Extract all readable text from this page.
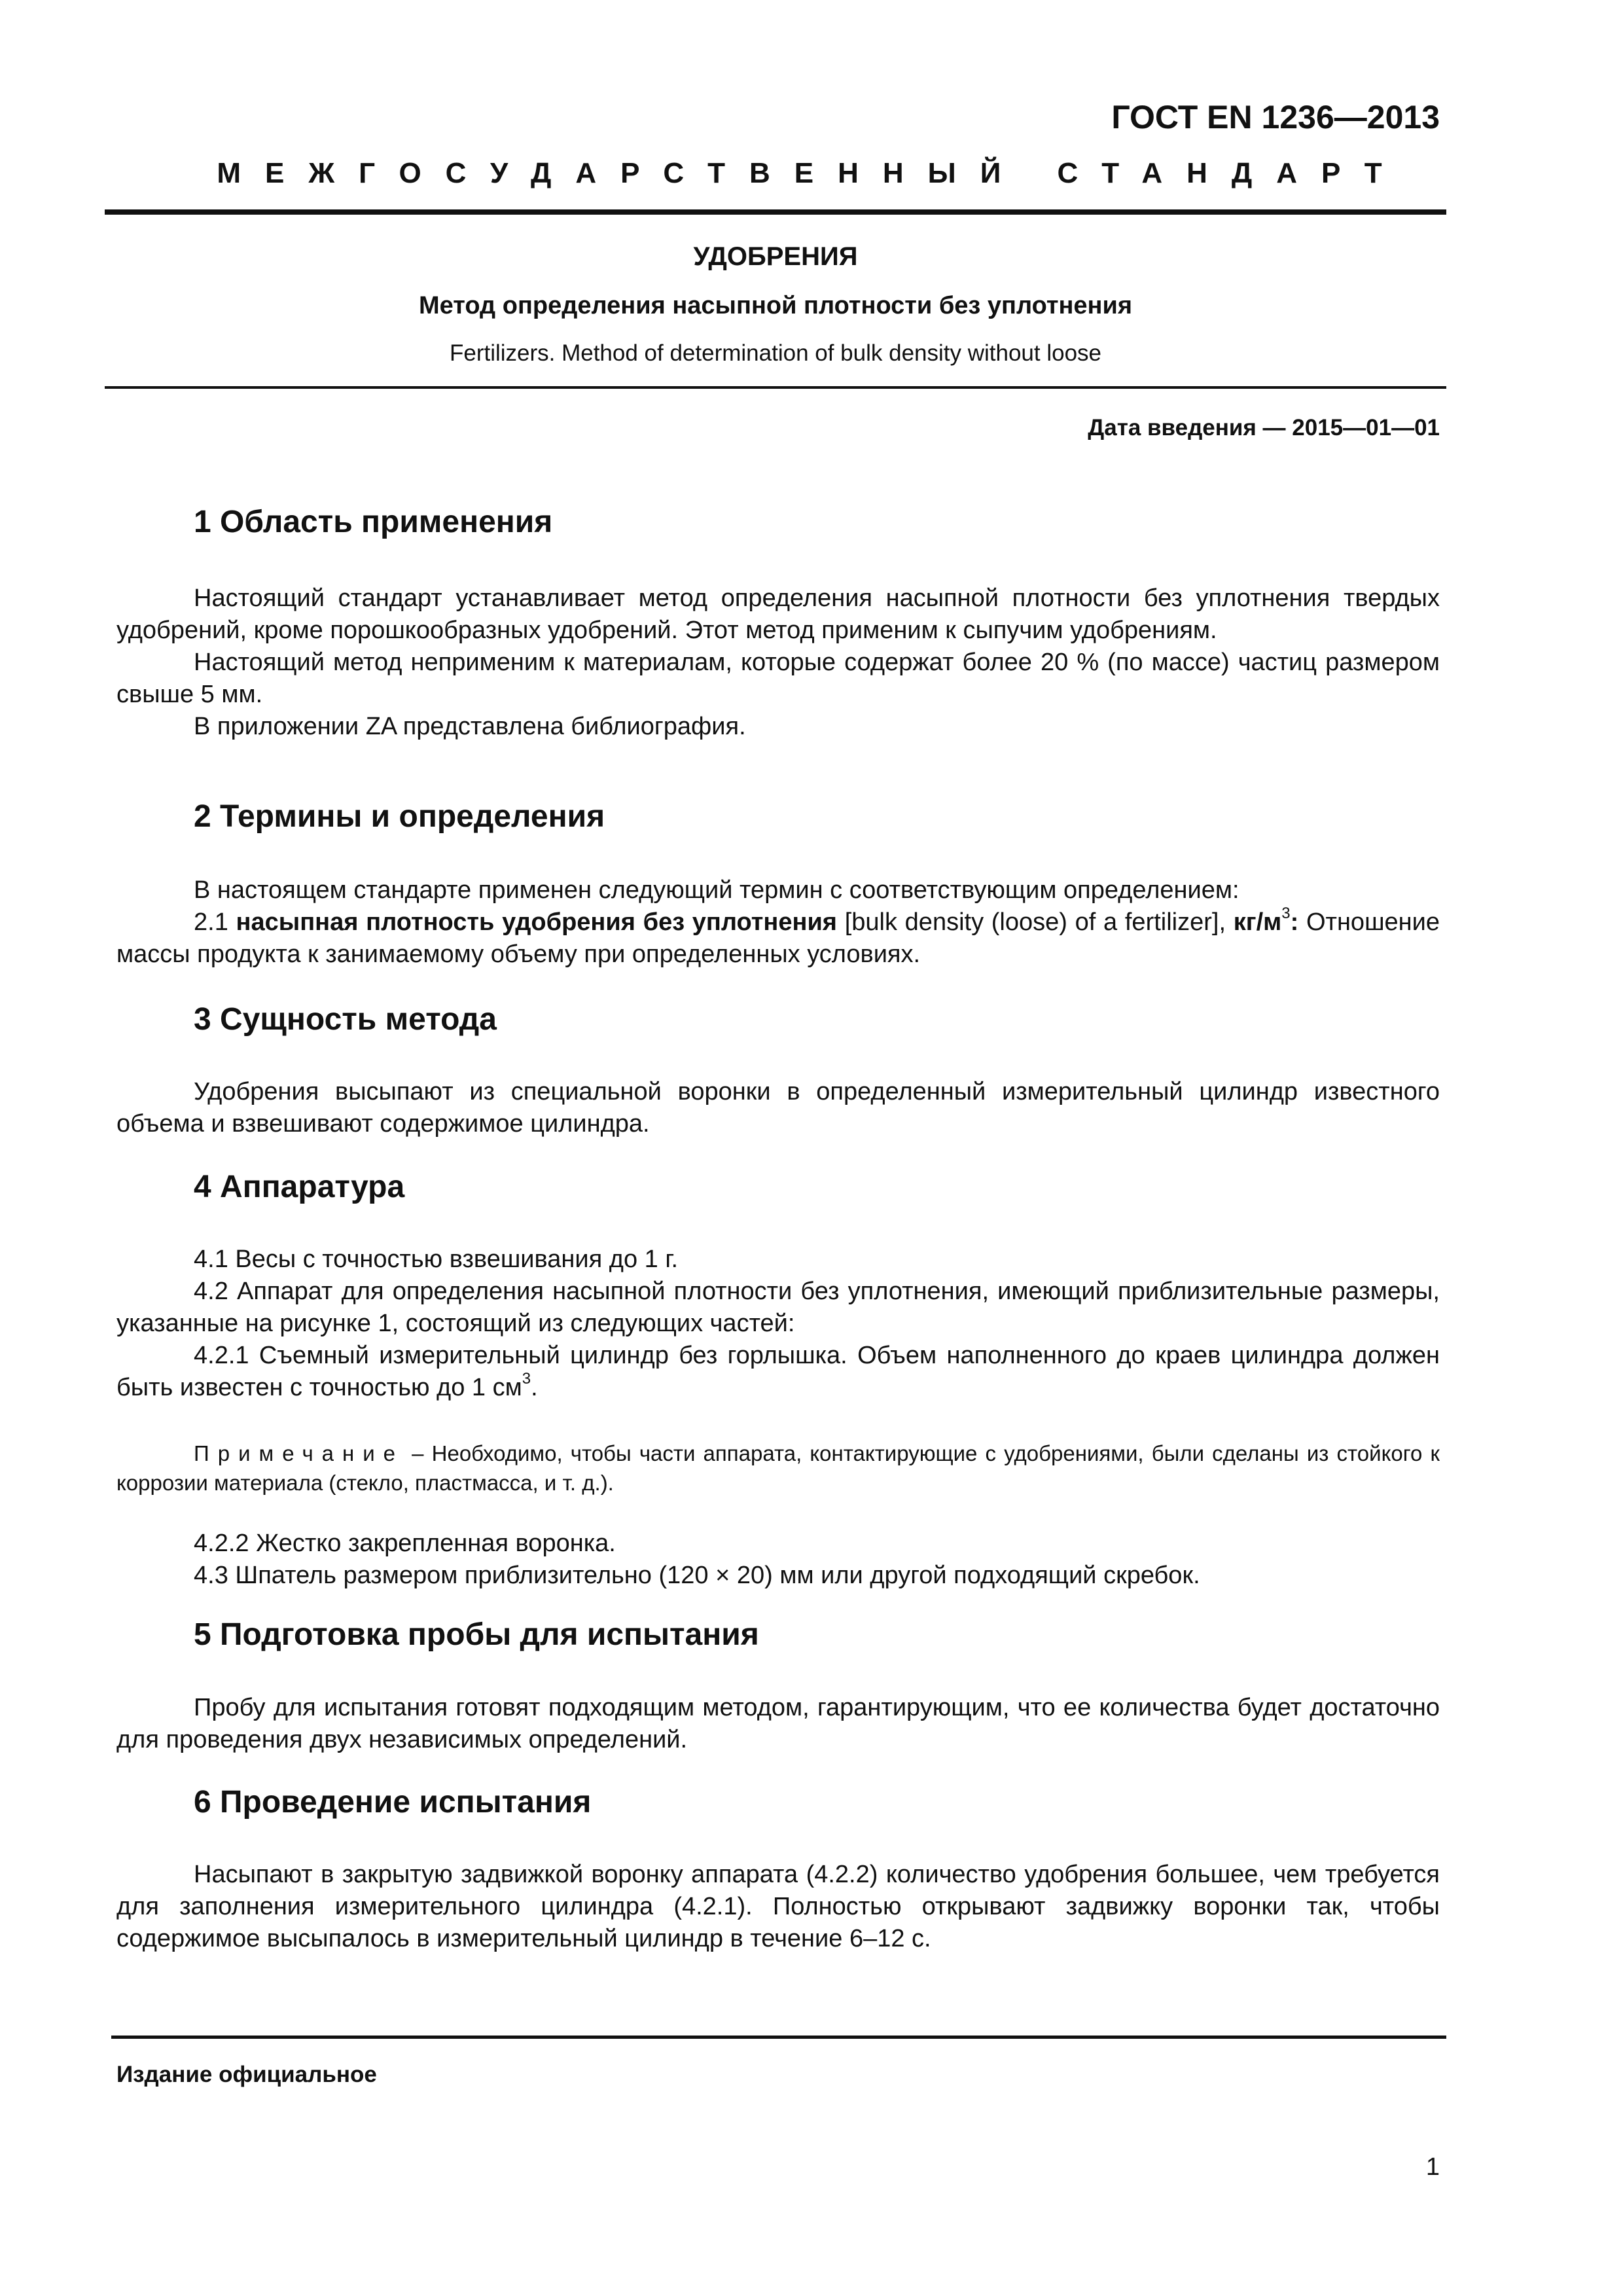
ГОСТ EN 1236—2013
МЕЖГОСУДАРСТВЕННЫЙ СТАНДАРТ
УДОБРЕНИЯ
Метод определения насыпной плотности без уплотнения
Fertilizers. Method of determination of bulk density without loose
Дата введения — 2015—01—01
1 Область применения

Настоящий стандарт устанавливает метод определения насыпной плотности без уплотнения твердых удобрений, кроме порошкообразных удобрений. Этот метод применим к сыпучим удобрениям.

Настоящий метод неприменим к материалам, которые содержат более 20 % (по массе) частиц размером свыше 5 мм.

В приложении ZA представлена библиография.

2 Термины и определения

В настоящем стандарте применен следующий термин с соответствующим определением:

2.1 насыпная плотность удобрения без уплотнения [bulk density (loose) of a fertilizer], $кг/м^3$: Отношение массы продукта к занимаемому объему при определенных условиях.

3 Сущность метода

Удобрения высыпают из специальной воронки в определенный измерительный цилиндр известного объема и взвешивают содержимое цилиндра.

4 Аппаратура

4.1 Весы с точностью взвешивания до 1 г.

4.2 Аппарат для определения насыпной плотности без уплотнения, имеющий приблизительные размеры, указанные на рисунке 1, состоящий из следующих частей:

4.2.1 Съемный измерительный цилиндр без горлышка. Объем наполненного до краев цилиндра должен быть известен с точностью до 1 $см^3$.

Примечание – Необходимо, чтобы части аппарата, контактирующие с удобрениями, были сделаны из стойкого к коррозии материала (стекло, пластмасса, и т. д.).

4.2.2 Жестко закрепленная воронка.

4.3 Шпатель размером приблизительно (120 × 20) мм или другой подходящий скребок.

5 Подготовка пробы для испытания

Пробу для испытания готовят подходящим методом, гарантирующим, что ее количества будет достаточно для проведения двух независимых определений.

6 Проведение испытания

Насыпают в закрытую задвижкой воронку аппарата (4.2.2) количество удобрения большее, чем требуется для заполнения измерительного цилиндра (4.2.1). Полностью открывают задвижку воронки так, чтобы содержимое высыпалось в измерительный цилиндр в течение 6–12 с.

Издание официальное
1
